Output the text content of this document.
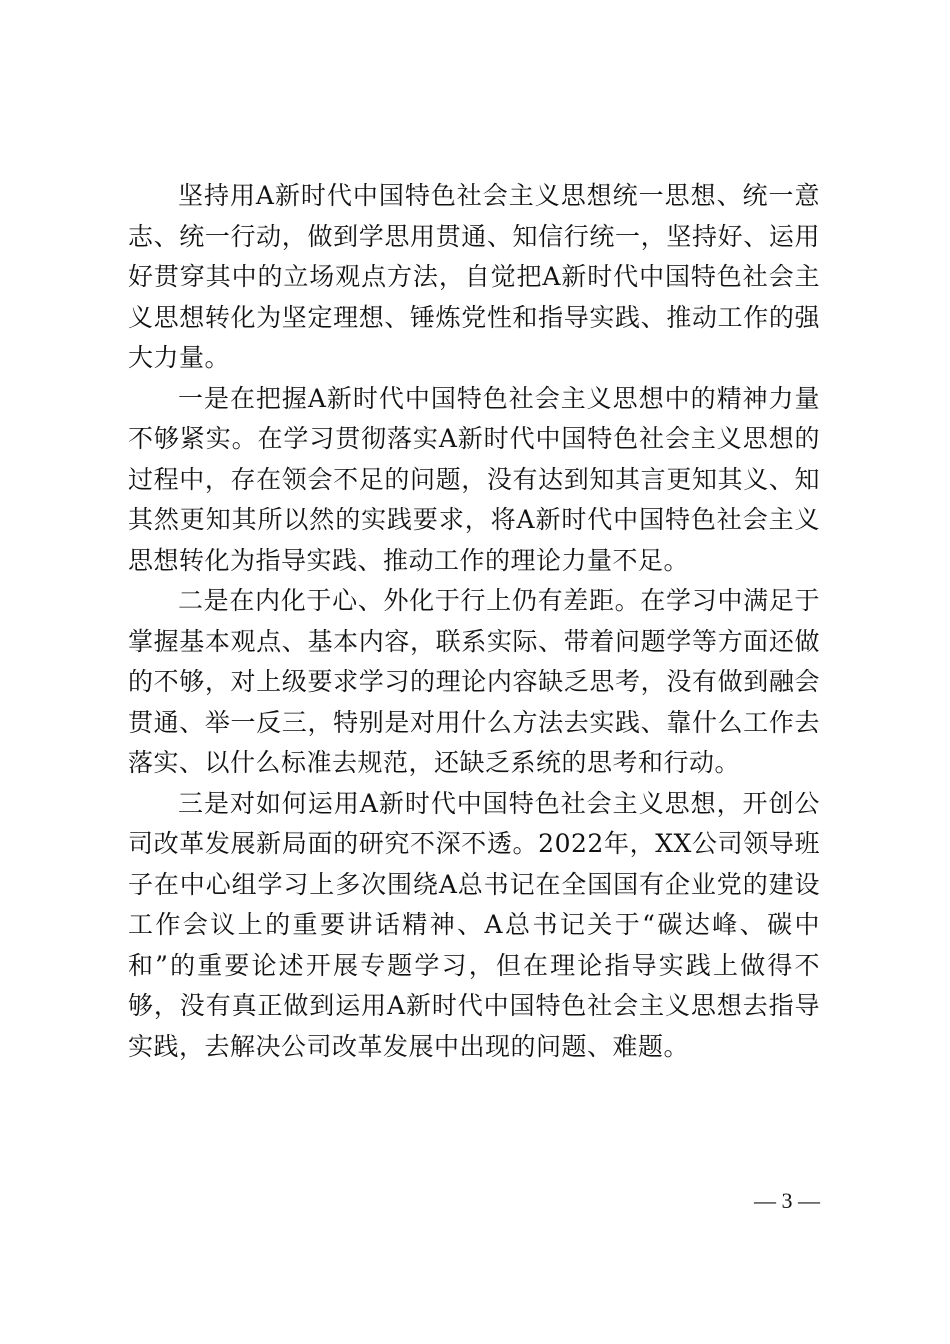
坚持用A新时代中国特色社会主义思想统一思想、统一意志、统一行动，做到学思用贯通、知信行统一，坚持好、运用好贯穿其中的立场观点方法，自觉把A新时代中国特色社会主义思想转化为坚定理想、锤炼党性和指导实践、推动工作的强大力量。

一是在把握A新时代中国特色社会主义思想中的精神力量不够紧实。在学习贯彻落实A新时代中国特色社会主义思想的过程中，存在领会不足的问题，没有达到知其言更知其义、知其然更知其所以然的实践要求，将A新时代中国特色社会主义思想转化为指导实践、推动工作的理论力量不足。

二是在内化于心、外化于行上仍有差距。在学习中满足于掌握基本观点、基本内容，联系实际、带着问题学等方面还做的不够，对上级要求学习的理论内容缺乏思考，没有做到融会贯通、举一反三，特别是对用什么方法去实践、靠什么工作去落实、以什么标准去规范，还缺乏系统的思考和行动。

三是对如何运用A新时代中国特色社会主义思想，开创公司改革发展新局面的研究不深不透。2022年，XX公司领导班子在中心组学习上多次围绕A总书记在全国国有企业党的建设工作会议上的重要讲话精神、A总书记关于“碳达峰、碳中和”的重要论述开展专题学习，但在理论指导实践上做得不够，没有真正做到运用A新时代中国特色社会主义思想去指导实践，去解决公司改革发展中出现的问题、难题。

— 3 —
